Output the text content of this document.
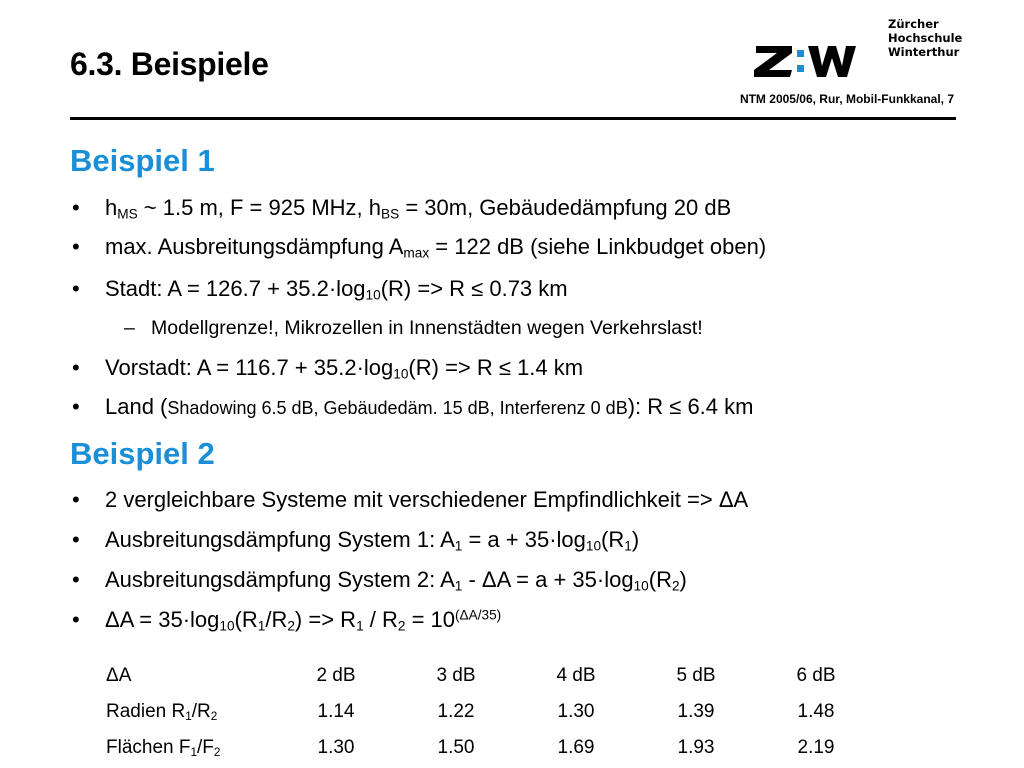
6.3. Beispiele
Zürcher
Hochschule
Winterthur
NTM 2005/06, Rur, Mobil-Funkkanal, 7
Beispiel 1
• $h_{MS}$ ~ 1.5 m, F = 925 MHz, $h_{BS} = 30m$, Gebäudedämpfung 20 dB
• max. Ausbreitungsdämpfung $A_{max} = 122$ dB (siehe Linkbudget oben)
• Stadt: $A = 126.7 + 35.2\cdot\log_{10}(R) => R \le 0.73$ km
– Modellgrenze!, Mikrozellen in Innenstädten wegen Verkehrslast!
• Vorstadt: $A = 116.7 + 35.2\cdot\log_{10}(R) => R \le 1.4$ km
• Land (Shadowing 6.5 dB, Gebäudedäm. 15 dB, Interferenz 0 dB): R ≤ 6.4 km
Beispiel 2
• 2 vergleichbare Systeme mit verschiedener Empfindlichkeit => ΔA
• Ausbreitungsdämpfung System 1: $A_1 = a + 35\cdot\log_{10}(R_1)$
• Ausbreitungsdämpfung System 2: $A_1 - \Delta A = a + 35\cdot\log_{10}(R_2)$
• $\Delta A = 35\cdot\log_{10}(R_1/R_2) => R_1 / R_2 = 10^{(\Delta A/35)}$
ΔA	2 dB	3 dB	4 dB	5 dB	6 dB
Radien $R_1/R_2$	1.14	1.22	1.30	1.39	1.48
Flächen $F_1/F_2$	1.30	1.50	1.69	1.93	2.19
